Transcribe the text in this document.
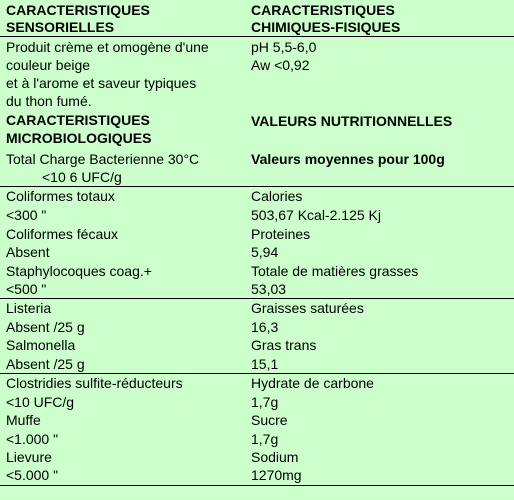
CARACTERISTIQUES
SENSORIELLES
CARACTERISTIQUES
CHIMIQUES-FISIQUES
Produit crème et omogène d'une
couleur beige
et à l'arome et saveur typiques
du thon fumé.
pH 5,5-6,0
Aw <0,92
CARACTERISTIQUES
MICROBIOLOGIQUES
Total Charge Bacterienne 30°C
<10 6 UFC/g
VALEURS NUTRITIONNELLES
Valeurs moyennes pour 100g
Coliformes totaux
<300 "
Coliformes fécaux
Absent
Staphylocoques coag.+
<500 "
Calories
503,67 Kcal-2.125 Kj
Proteines
5,94
Totale de matières grasses
53,03
Listeria
Absent /25 g
Salmonella
Absent /25 g
Graisses saturées
16,3
Gras trans
15,1
Clostridies sulfite-réducteurs
<10 UFC/g
Muffe
<1.000 "
Lievure
<5.000 "
Hydrate de carbone
1,7g
Sucre
1,7g
Sodium
1270mg
